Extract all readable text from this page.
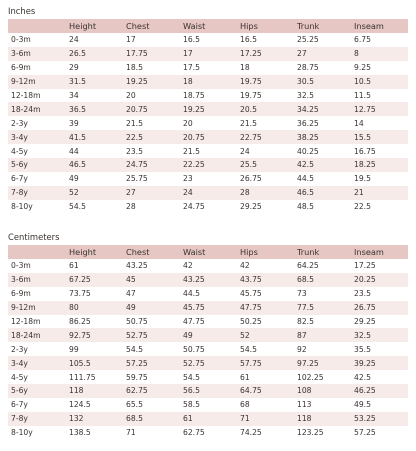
Inches
	Height	Chest	Waist	Hips	Trunk	Inseam
0-3m	24	17	16.5	16.5	25.25	6.75
3-6m	26.5	17.75	17	17.25	27	8
6-9m	29	18.5	17.5	18	28.75	9.25
9-12m	31.5	19.25	18	19.75	30.5	10.5
12-18m	34	20	18.75	19.75	32.5	11.5
18-24m	36.5	20.75	19.25	20.5	34.25	12.75
2-3y	39	21.5	20	21.5	36.25	14
3-4y	41.5	22.5	20.75	22.75	38.25	15.5
4-5y	44	23.5	21.5	24	40.25	16.75
5-6y	46.5	24.75	22.25	25.5	42.5	18.25
6-7y	49	25.75	23	26.75	44.5	19.5
7-8y	52	27	24	28	46.5	21
8-10y	54.5	28	24.75	29.25	48.5	22.5
Centimeters
	Height	Chest	Waist	Hips	Trunk	Inseam
0-3m	61	43.25	42	42	64.25	17.25
3-6m	67.25	45	43.25	43.75	68.5	20.25
6-9m	73.75	47	44.5	45.75	73	23.5
9-12m	80	49	45.75	47.75	77.5	26.75
12-18m	86.25	50.75	47.75	50.25	82.5	29.25
18-24m	92.75	52.75	49	52	87	32.5
2-3y	99	54.5	50.75	54.5	92	35.5
3-4y	105.5	57.25	52.75	57.75	97.25	39.25
4-5y	111.75	59.75	54.5	61	102.25	42.5
5-6y	118	62.75	56.5	64.75	108	46.25
6-7y	124.5	65.5	58.5	68	113	49.5
7-8y	132	68.5	61	71	118	53.25
8-10y	138.5	71	62.75	74.25	123.25	57.25
